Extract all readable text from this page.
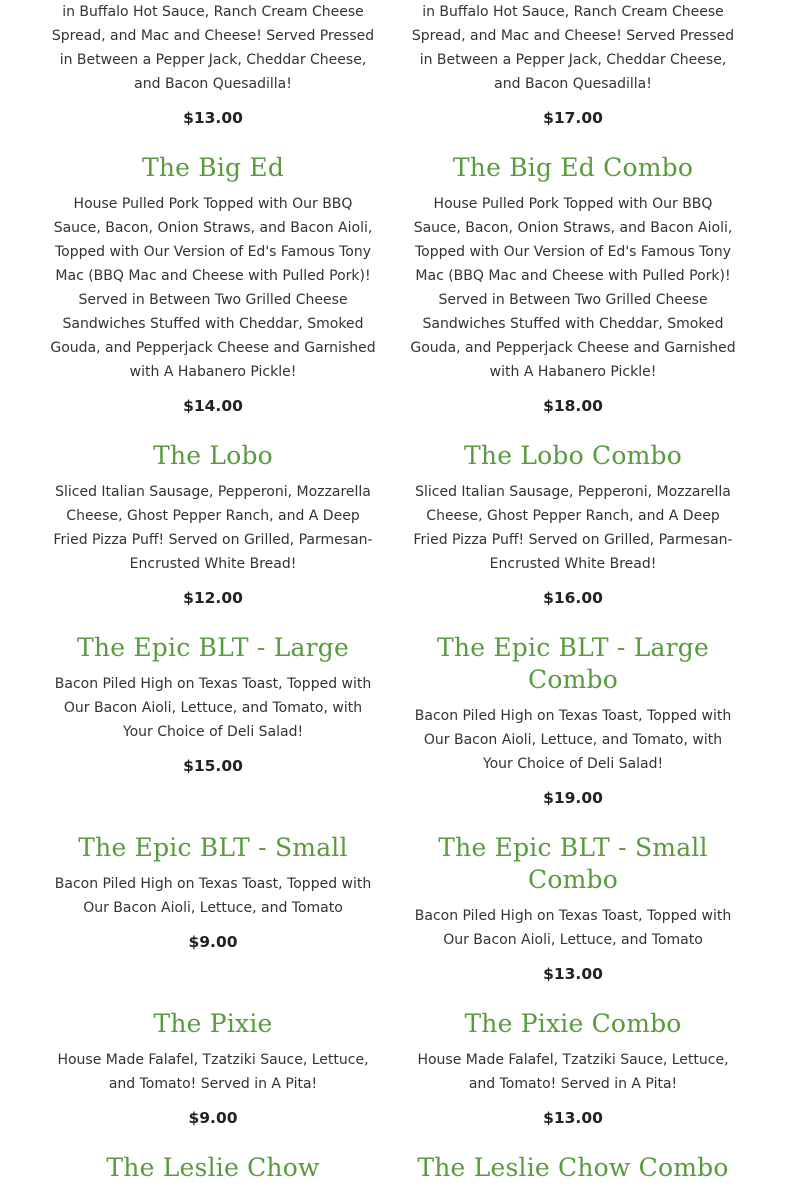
in Buffalo Hot Sauce, Ranch Cream Cheese Spread, and Mac and Cheese! Served Pressed in Between a Pepper Jack, Cheddar Cheese, and Bacon Quesadilla!

$13.00

in Buffalo Hot Sauce, Ranch Cream Cheese Spread, and Mac and Cheese! Served Pressed in Between a Pepper Jack, Cheddar Cheese, and Bacon Quesadilla!

$17.00

The Big Ed

House Pulled Pork Topped with Our BBQ Sauce, Bacon, Onion Straws, and Bacon Aioli, Topped with Our Version of Ed's Famous Tony Mac (BBQ Mac and Cheese with Pulled Pork)! Served in Between Two Grilled Cheese Sandwiches Stuffed with Cheddar, Smoked Gouda, and Pepperjack Cheese and Garnished with A Habanero Pickle!

$14.00

The Big Ed Combo

House Pulled Pork Topped with Our BBQ Sauce, Bacon, Onion Straws, and Bacon Aioli, Topped with Our Version of Ed's Famous Tony Mac (BBQ Mac and Cheese with Pulled Pork)! Served in Between Two Grilled Cheese Sandwiches Stuffed with Cheddar, Smoked Gouda, and Pepperjack Cheese and Garnished with A Habanero Pickle!

$18.00

The Lobo

Sliced Italian Sausage, Pepperoni, Mozzarella Cheese, Ghost Pepper Ranch, and A Deep Fried Pizza Puff! Served on Grilled, Parmesan-Encrusted White Bread!

$12.00

The Lobo Combo

Sliced Italian Sausage, Pepperoni, Mozzarella Cheese, Ghost Pepper Ranch, and A Deep Fried Pizza Puff! Served on Grilled, Parmesan-Encrusted White Bread!

$16.00

The Epic BLT - Large

Bacon Piled High on Texas Toast, Topped with Our Bacon Aioli, Lettuce, and Tomato, with Your Choice of Deli Salad!

$15.00

The Epic BLT - Large Combo

Bacon Piled High on Texas Toast, Topped with Our Bacon Aioli, Lettuce, and Tomato, with Your Choice of Deli Salad!

$19.00

The Epic BLT - Small

Bacon Piled High on Texas Toast, Topped with Our Bacon Aioli, Lettuce, and Tomato

$9.00

The Epic BLT - Small Combo

Bacon Piled High on Texas Toast, Topped with Our Bacon Aioli, Lettuce, and Tomato

$13.00

The Pixie

House Made Falafel, Tzatziki Sauce, Lettuce, and Tomato! Served in A Pita!

$9.00

The Pixie Combo

House Made Falafel, Tzatziki Sauce, Lettuce, and Tomato! Served in A Pita!

$13.00

The Leslie Chow	The Leslie Chow Combo
